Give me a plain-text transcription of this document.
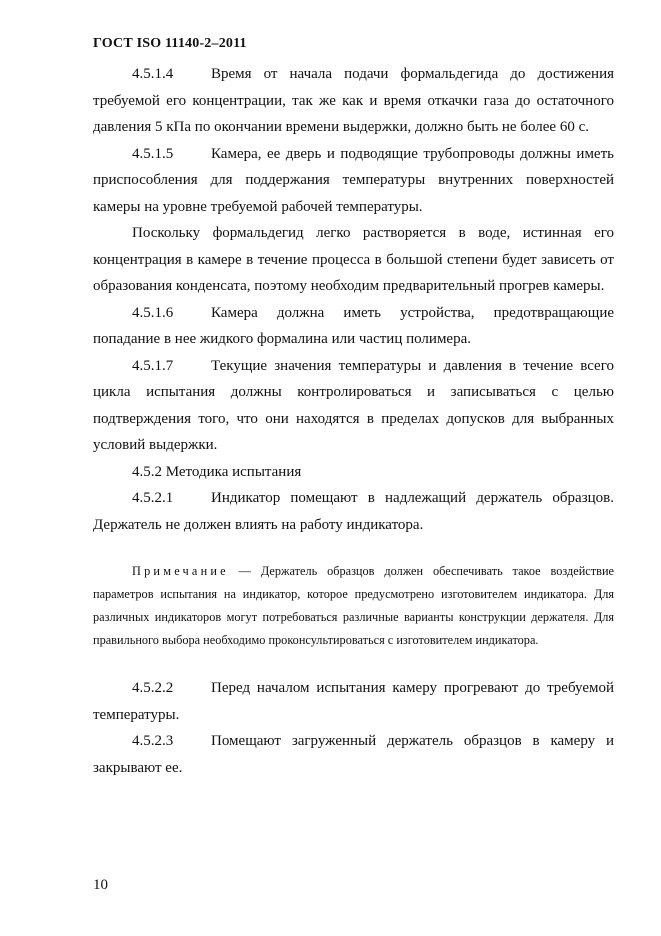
ГОСТ ISO 11140-2–2011

4.5.1.4	Время от начала подачи формальдегида до достижения требуемой его концентрации, так же как и время откачки газа до остаточного давления 5 кПа по окончании времени выдержки, должно быть не более 60 с.

4.5.1.5	Камера, ее дверь и подводящие трубопроводы должны иметь приспособления для поддержания температуры внутренних поверхностей камеры на уровне требуемой рабочей температуры.

Поскольку формальдегид легко растворяется в воде, истинная его концентрация в камере в течение процесса в большой степени будет зависеть от образования конденсата, поэтому необходим предварительный прогрев камеры.

4.5.1.6	Камера должна иметь устройства, предотвращающие попадание в нее жидкого формалина или частиц полимера.

4.5.1.7	Текущие значения температуры и давления в течение всего цикла испытания должны контролироваться и записываться с целью подтверждения того, что они находятся в пределах допусков для выбранных условий выдержки.

4.5.2 Методика испытания

4.5.2.1	Индикатор помещают в надлежащий держатель образцов. Держатель не должен влиять на работу индикатора.

Примечание — Держатель образцов должен обеспечивать такое воздействие параметров испытания на индикатор, которое предусмотрено изготовителем индикатора. Для различных индикаторов могут потребоваться различные варианты конструкции держателя. Для правильного выбора необходимо проконсультироваться с изготовителем индикатора.

4.5.2.2	Перед началом испытания камеру прогревают до требуемой температуры.

4.5.2.3	Помещают загруженный держатель образцов в камеру и закрывают ее.

10
